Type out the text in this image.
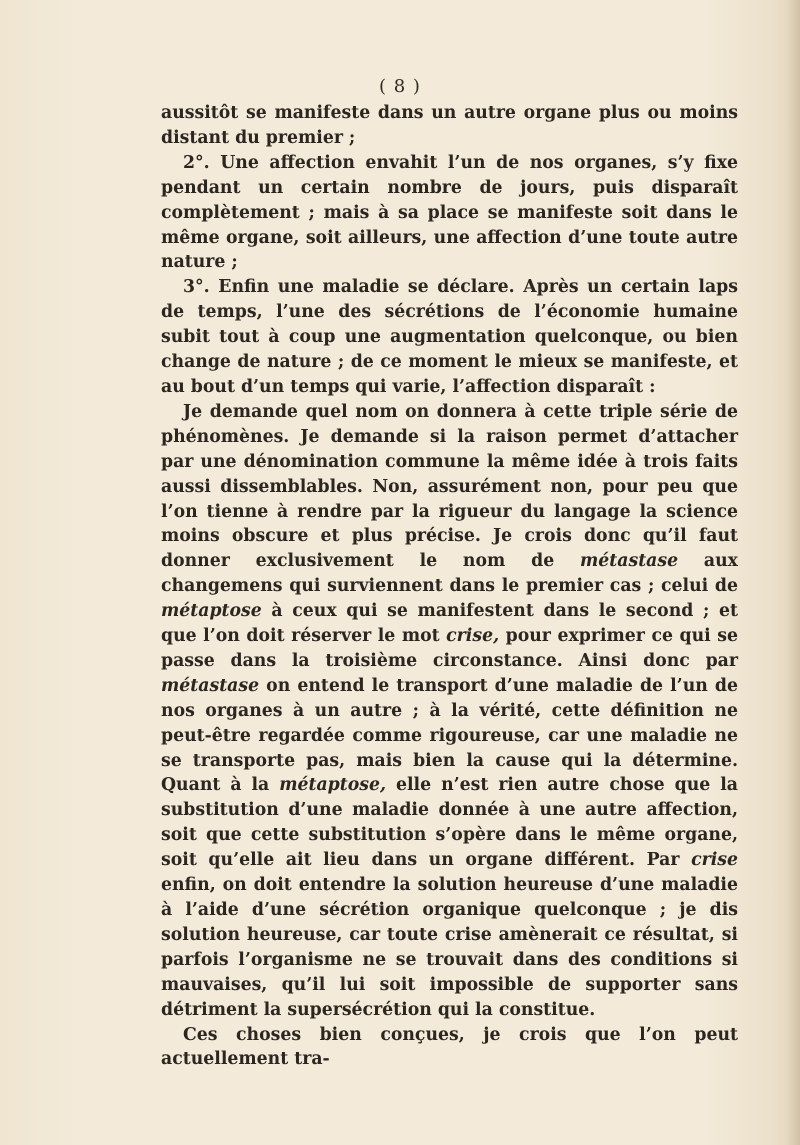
( 8 )

aussitôt se manifeste dans un autre organe plus ou moins distant du premier ;

2°. Une affection envahit l’un de nos organes, s’y fixe pendant un certain nombre de jours, puis disparaît complètement ; mais à sa place se manifeste soit dans le même organe, soit ailleurs, une affection d’une toute autre nature ;

3°. Enfin une maladie se déclare. Après un certain laps de temps, l’une des sécrétions de l’économie humaine subit tout à coup une augmentation quelconque, ou bien change de nature ; de ce moment le mieux se manifeste, et au bout d’un temps qui varie, l’affection disparaît :

Je demande quel nom on donnera à cette triple série de phénomènes. Je demande si la raison permet d’attacher par une dénomination commune la même idée à trois faits aussi dissemblables. Non, assurément non, pour peu que l’on tienne à rendre par la rigueur du langage la science moins obscure et plus précise. Je crois donc qu’il faut donner exclusivement le nom de métastase aux changemens qui surviennent dans le premier cas ; celui de métaptose à ceux qui se manifestent dans le second ; et que l’on doit réserver le mot crise, pour exprimer ce qui se passe dans la troisième circonstance. Ainsi donc par métastase on entend le transport d’une maladie de l’un de nos organes à un autre ; à la vérité, cette définition ne peut-être regardée comme rigoureuse, car une maladie ne se transporte pas, mais bien la cause qui la détermine. Quant à la métaptose, elle n’est rien autre chose que la substitution d’une maladie donnée à une autre affection, soit que cette substitution s’opère dans le même organe, soit qu’elle ait lieu dans un organe différent. Par crise enfin, on doit entendre la solution heureuse d’une maladie à l’aide d’une sécrétion organique quelconque ; je dis solution heureuse, car toute crise amènerait ce résultat, si parfois l’organisme ne se trouvait dans des conditions si mauvaises, qu’il lui soit impossible de supporter sans détriment la supersécrétion qui la constitue.

Ces choses bien conçues, je crois que l’on peut actuellement tra-
